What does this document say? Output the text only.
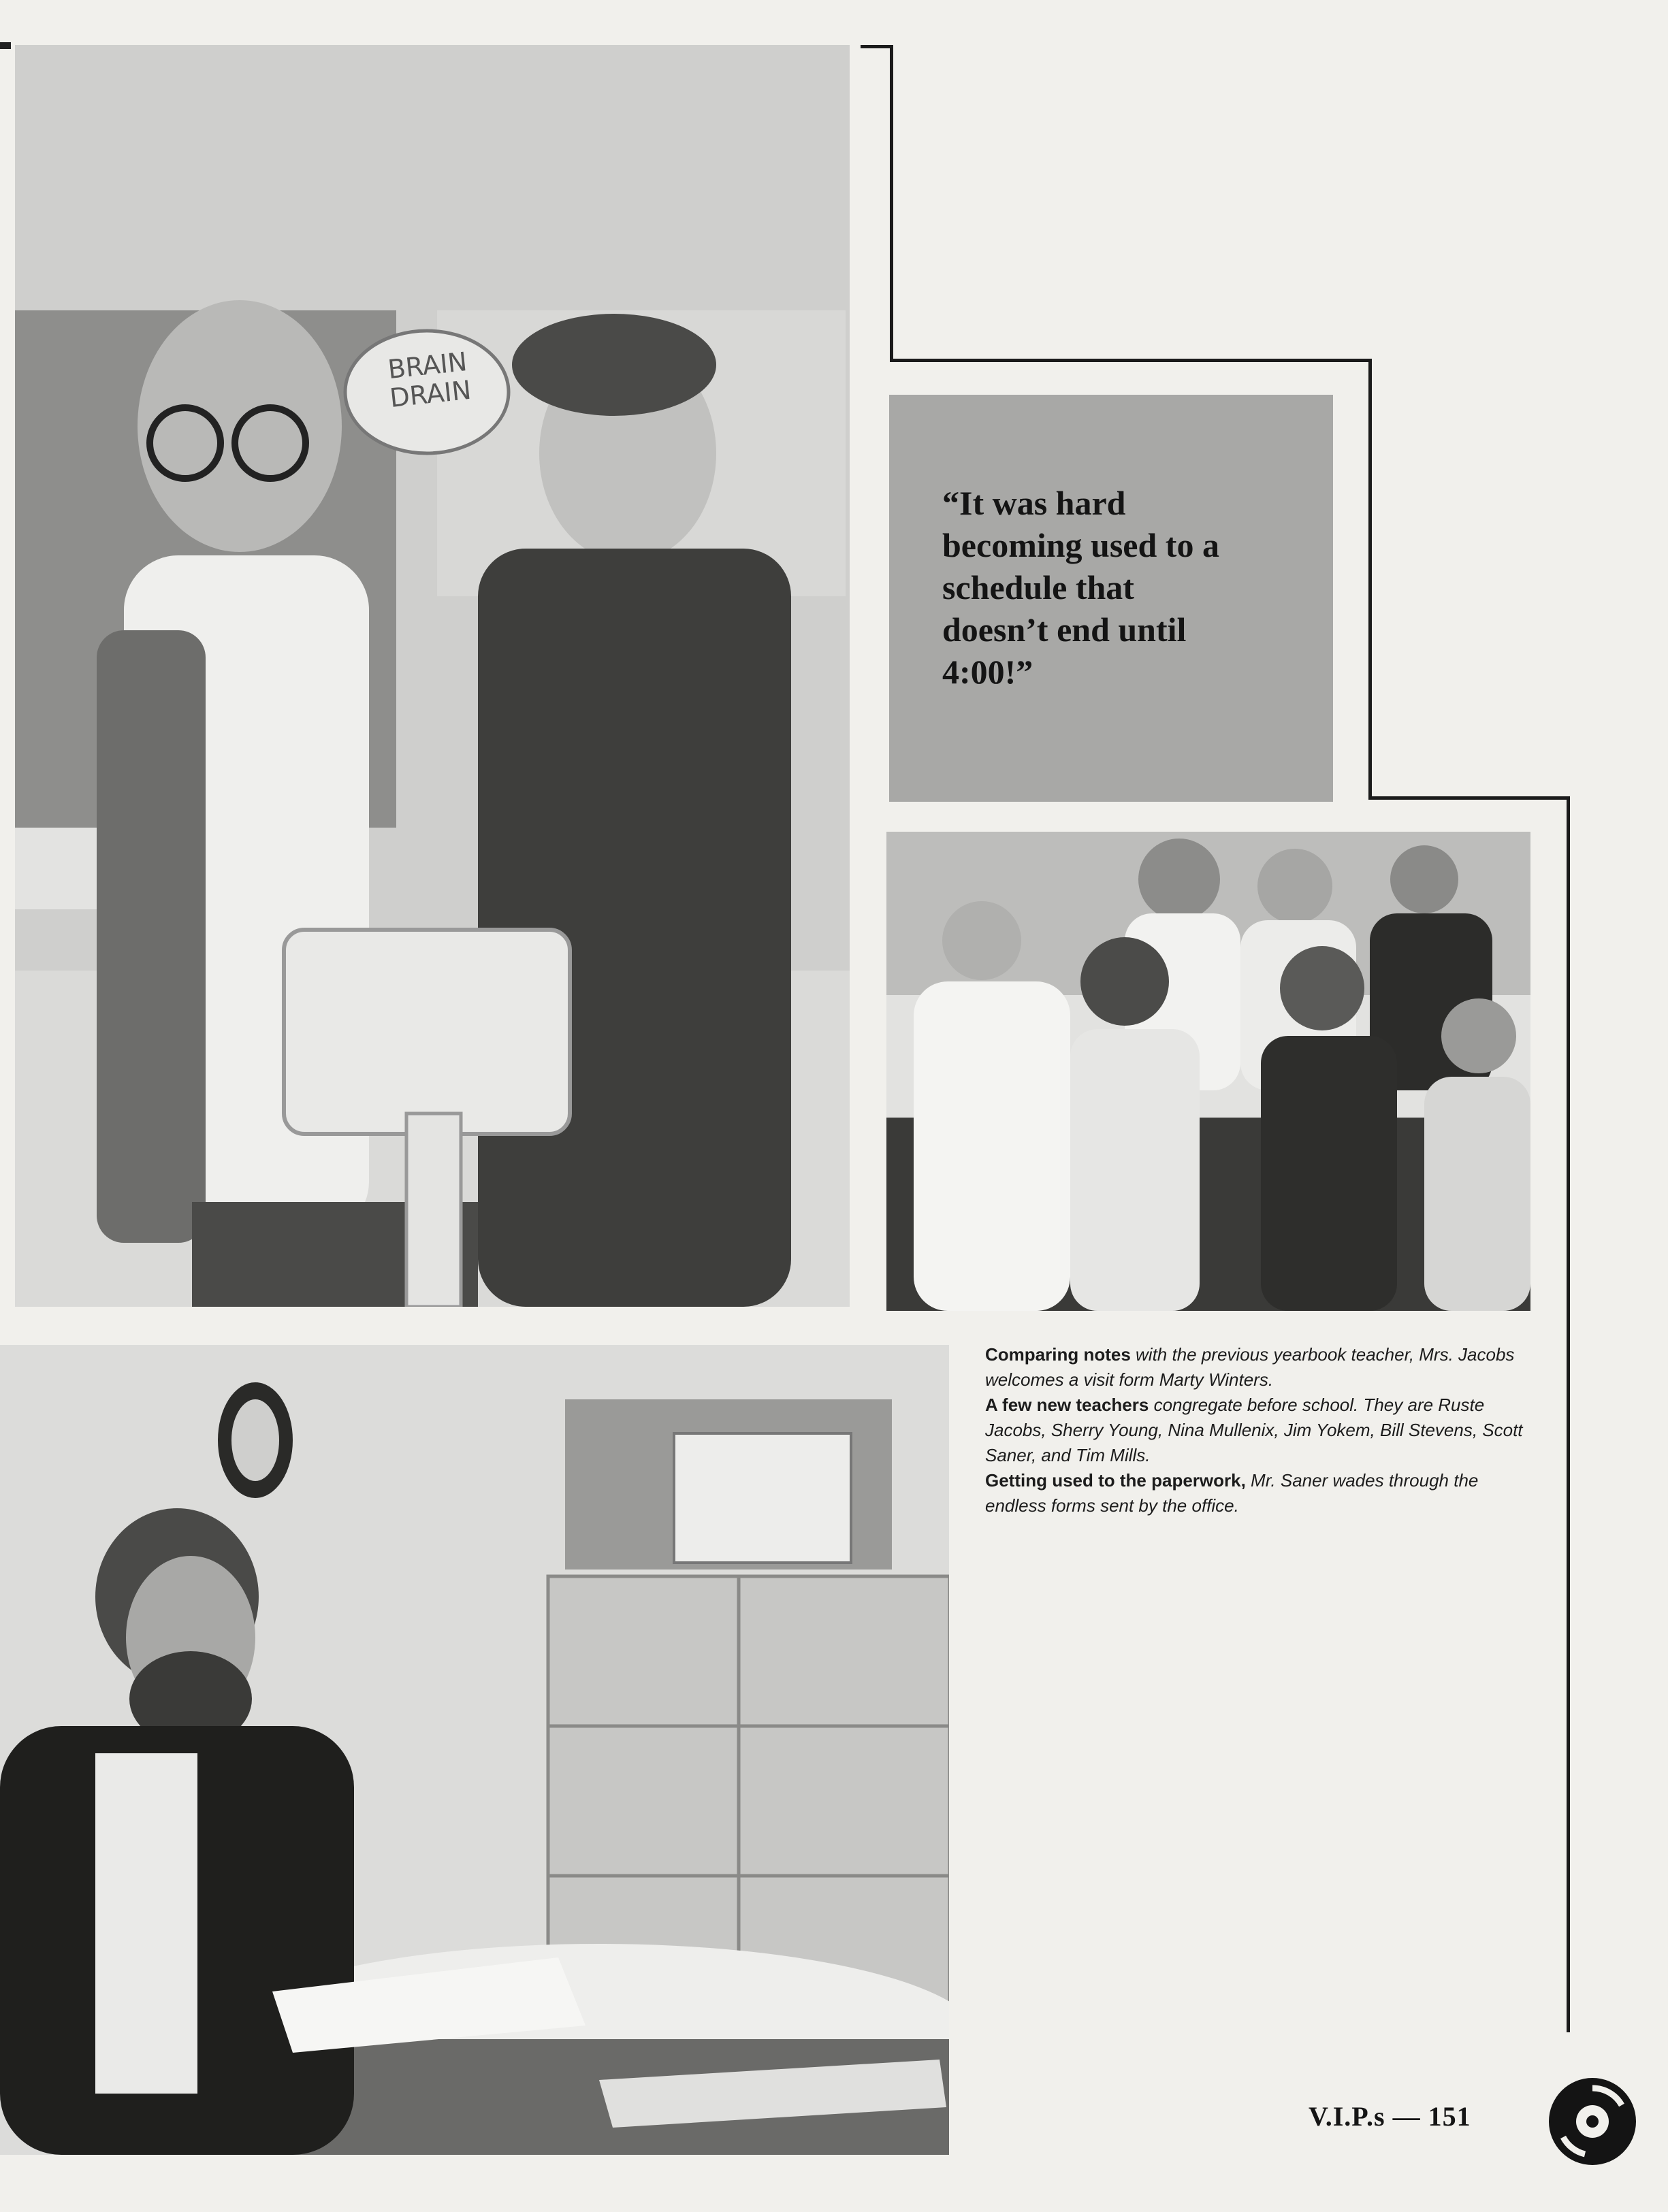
BRAIN
DRAIN
“It was hard
becoming used to a
schedule that
doesn’t end until
4:00!”
Comparing notes with the previous yearbook teacher, Mrs. Jacobs welcomes a visit form Marty Winters.
A few new teachers congregate before school. They are Ruste Jacobs, Sherry Young, Nina Mullenix, Jim Yokem, Bill Stevens, Scott Saner, and Tim Mills.
Getting used to the paperwork, Mr. Saner wades through the endless forms sent by the office.
V.I.P.s — 151
